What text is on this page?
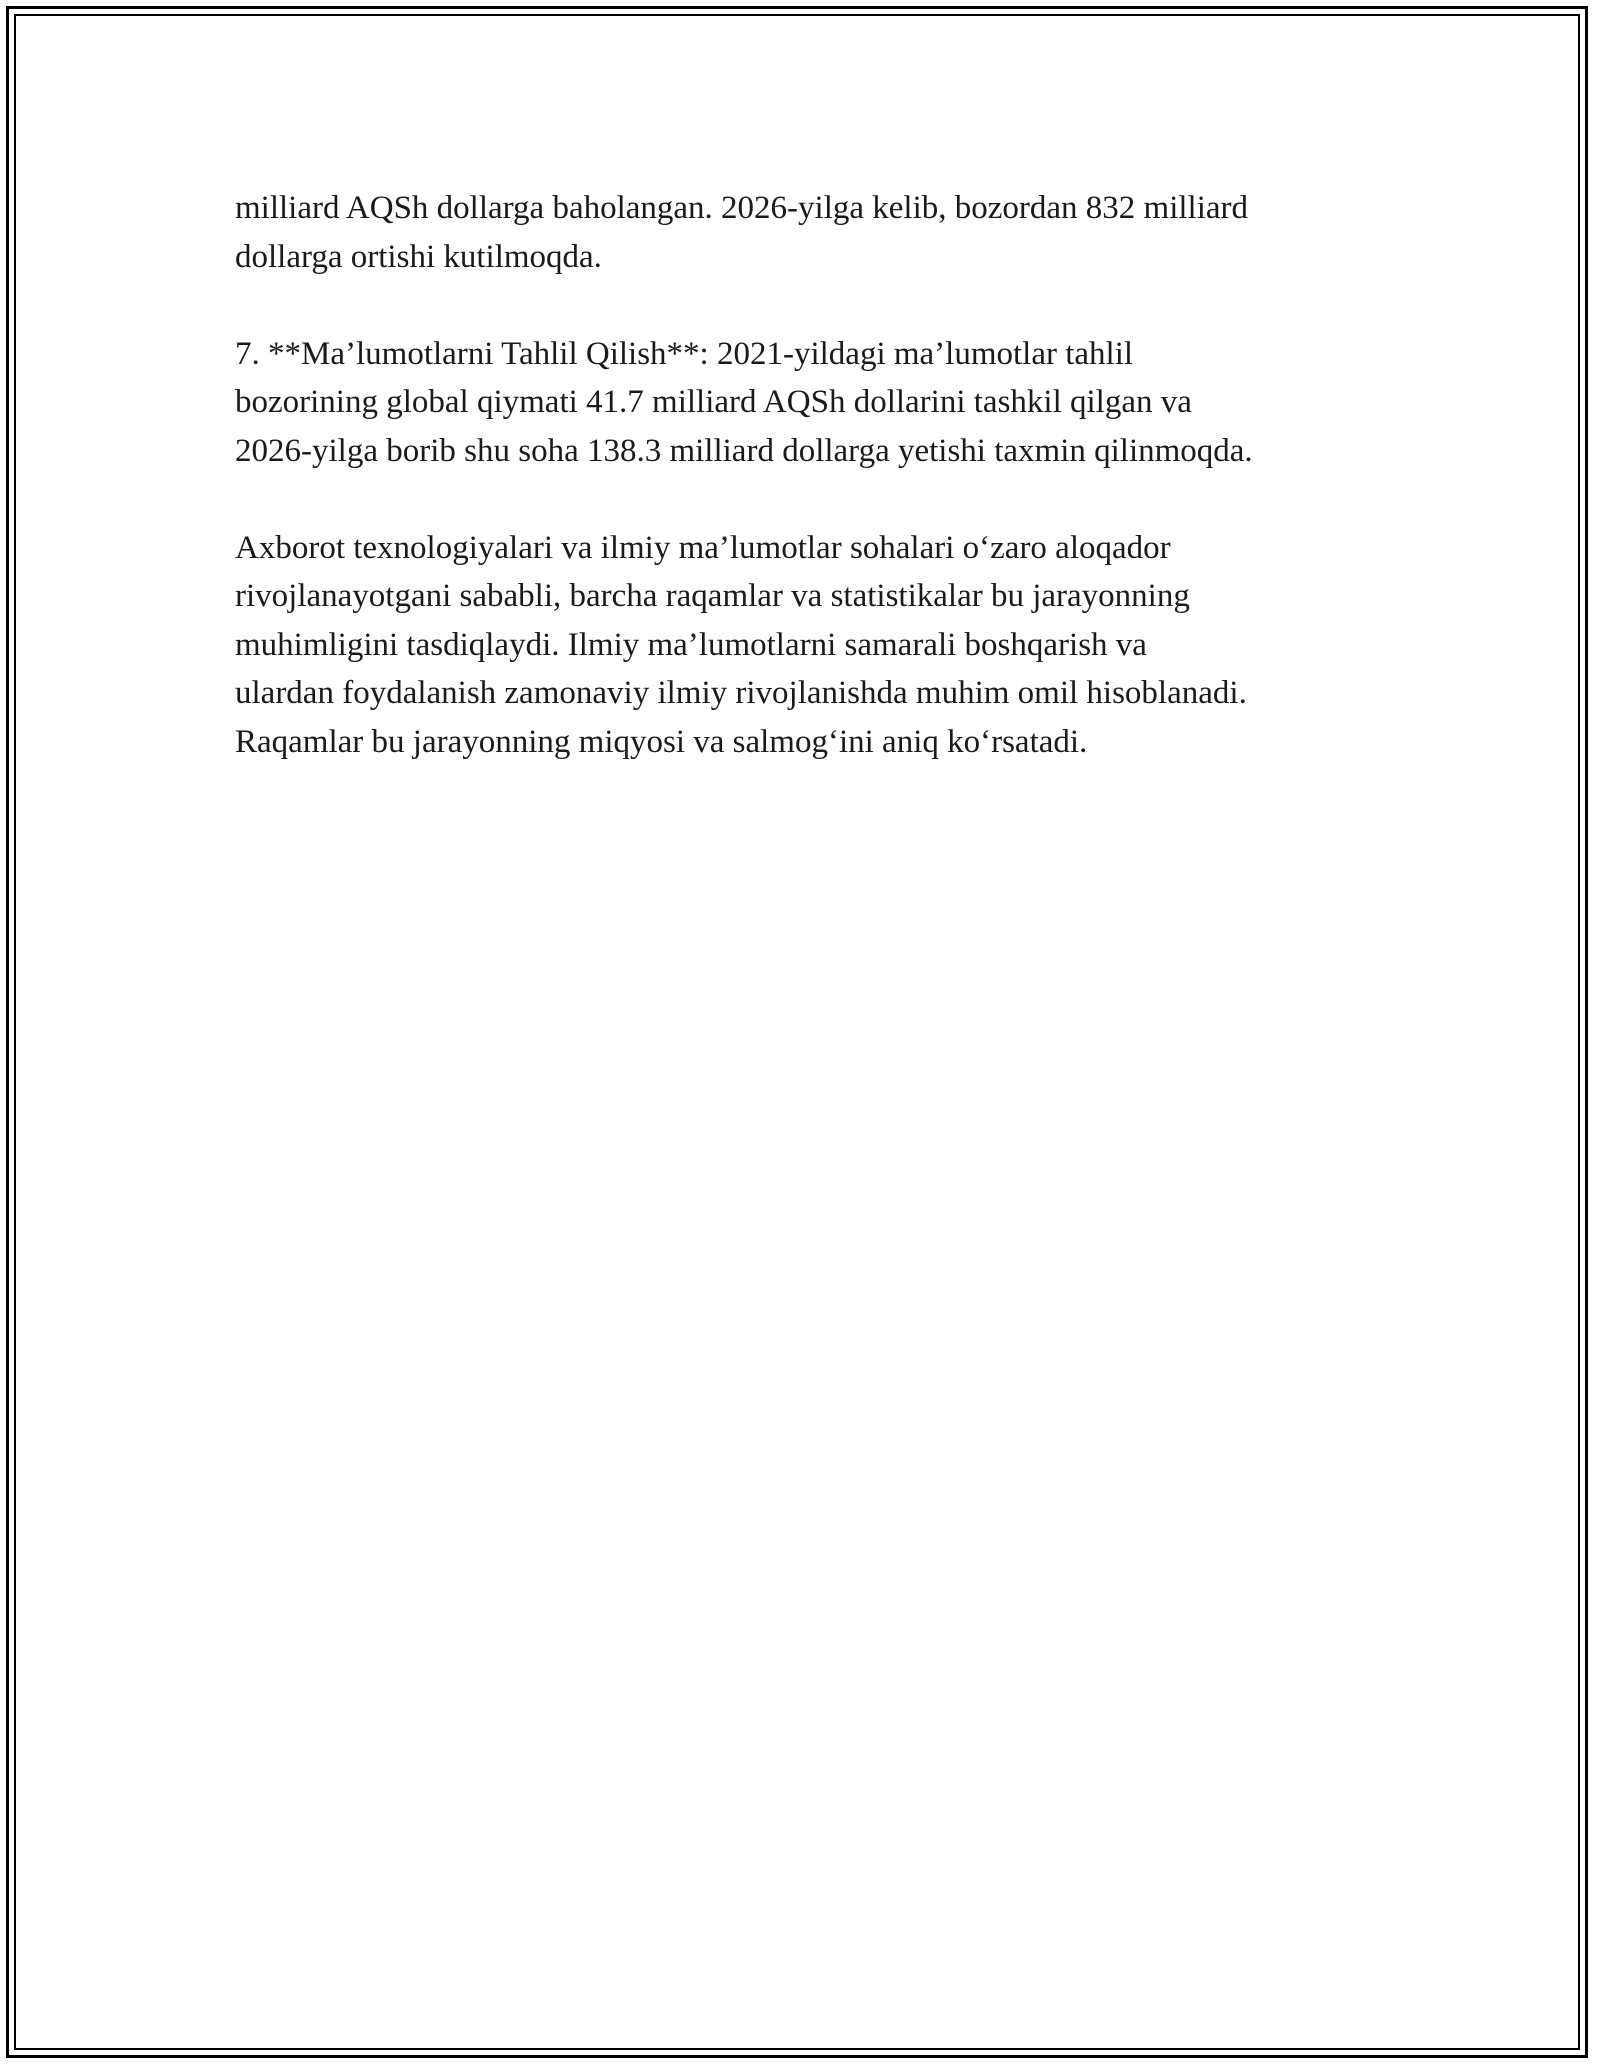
milliard AQSh dollarga baholangan. 2026-yilga kelib, bozordan 832 milliard
dollarga ortishi kutilmoqda.

7. **Ma’lumotlarni Tahlil Qilish**: 2021-yildagi ma’lumotlar tahlil
bozorining global qiymati 41.7 milliard AQSh dollarini tashkil qilgan va
2026-yilga borib shu soha 138.3 milliard dollarga yetishi taxmin qilinmoqda.

Axborot texnologiyalari va ilmiy ma’lumotlar sohalari o‘zaro aloqador
rivojlanayotgani sababli, barcha raqamlar va statistikalar bu jarayonning
muhimligini tasdiqlaydi. Ilmiy ma’lumotlarni samarali boshqarish va
ulardan foydalanish zamonaviy ilmiy rivojlanishda muhim omil hisoblanadi.
Raqamlar bu jarayonning miqyosi va salmog‘ini aniq ko‘rsatadi.
